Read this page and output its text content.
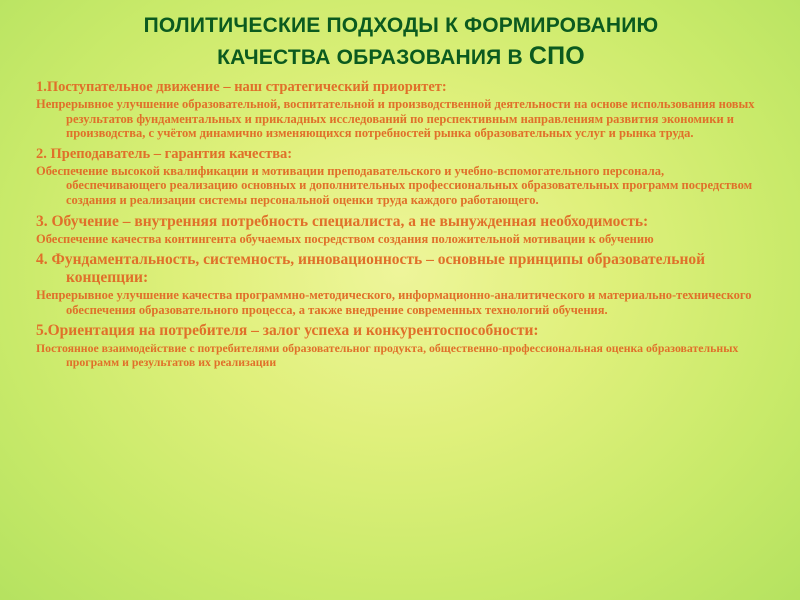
ПОЛИТИЧЕСКИЕ ПОДХОДЫ К ФОРМИРОВАНИЮ
КАЧЕСТВА ОБРАЗОВАНИЯ В СПО
1.Поступательное движение – наш стратегический приоритет:
Непрерывное улучшение образовательной, воспитательной и производственной деятельности на основе использования новых результатов фундаментальных и прикладных исследований по перспективным направлениям развития экономики и производства, с учётом динамично изменяющихся потребностей рынка образовательных услуг и рынка труда.
2. Преподаватель – гарантия качества:
Обеспечение высокой квалификации и мотивации преподавательского и учебно-вспомогательного персонала, обеспечивающего реализацию основных и дополнительных профессиональных образовательных программ посредством создания и реализации системы персональной оценки труда каждого работающего.
3. Обучение – внутренняя потребность специалиста, а не вынужденная необходимость:
Обеспечение качества контингента обучаемых посредством создания положительной мотивации к обучению
4. Фундаментальность, системность, инновационность – основные принципы образовательной концепции:
Непрерывное улучшение качества программно-методического, информационно-аналитического и материально-технического обеспечения образовательного процесса, а также внедрение современных технологий обучения.
5.Ориентация на потребителя – залог успеха и конкурентоспособности:
Постоянное взаимодействие с потребителями образовательног продукта, общественно-профессиональная оценка образовательных программ и результатов их реализации
